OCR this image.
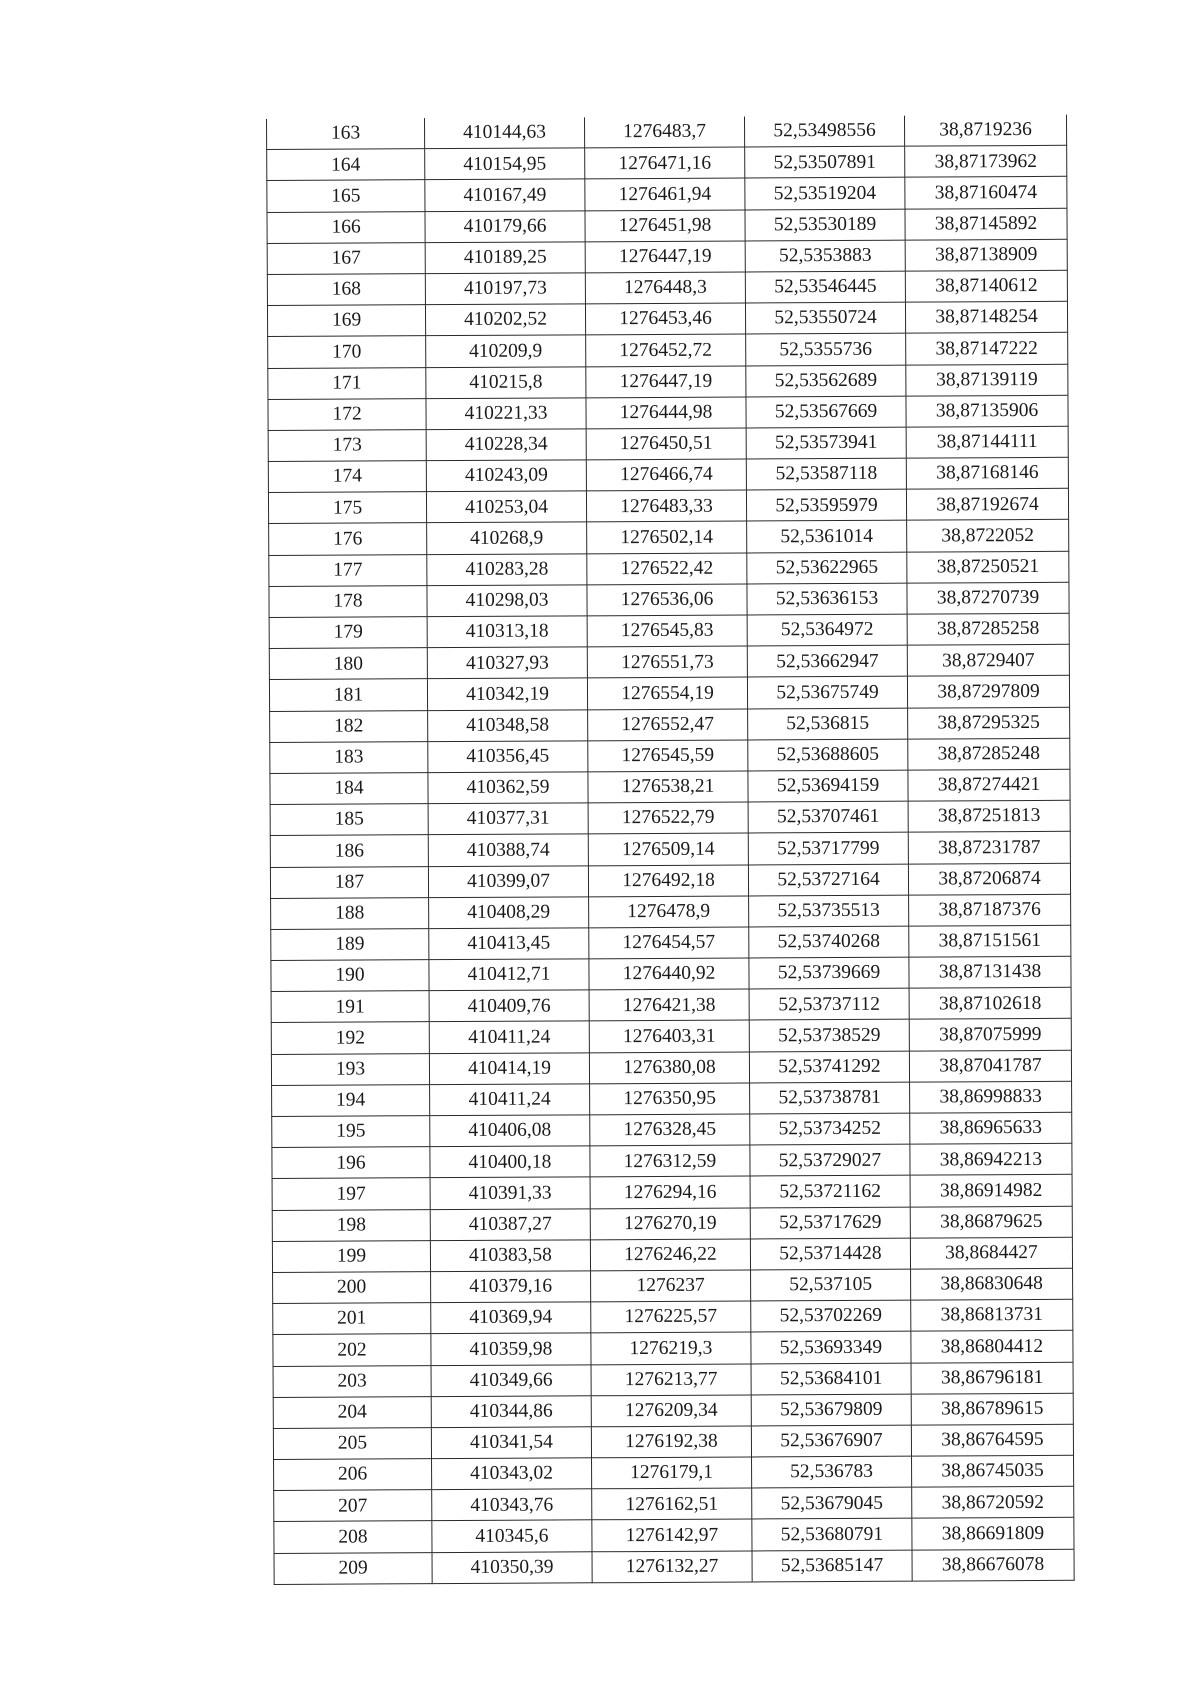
163	410144,63	1276483,7	52,53498556	38,8719236
164	410154,95	1276471,16	52,53507891	38,87173962
165	410167,49	1276461,94	52,53519204	38,87160474
166	410179,66	1276451,98	52,53530189	38,87145892
167	410189,25	1276447,19	52,5353883	38,87138909
168	410197,73	1276448,3	52,53546445	38,87140612
169	410202,52	1276453,46	52,53550724	38,87148254
170	410209,9	1276452,72	52,5355736	38,87147222
171	410215,8	1276447,19	52,53562689	38,87139119
172	410221,33	1276444,98	52,53567669	38,87135906
173	410228,34	1276450,51	52,53573941	38,87144111
174	410243,09	1276466,74	52,53587118	38,87168146
175	410253,04	1276483,33	52,53595979	38,87192674
176	410268,9	1276502,14	52,5361014	38,8722052
177	410283,28	1276522,42	52,53622965	38,87250521
178	410298,03	1276536,06	52,53636153	38,87270739
179	410313,18	1276545,83	52,5364972	38,87285258
180	410327,93	1276551,73	52,53662947	38,8729407
181	410342,19	1276554,19	52,53675749	38,87297809
182	410348,58	1276552,47	52,536815	38,87295325
183	410356,45	1276545,59	52,53688605	38,87285248
184	410362,59	1276538,21	52,53694159	38,87274421
185	410377,31	1276522,79	52,53707461	38,87251813
186	410388,74	1276509,14	52,53717799	38,87231787
187	410399,07	1276492,18	52,53727164	38,87206874
188	410408,29	1276478,9	52,53735513	38,87187376
189	410413,45	1276454,57	52,53740268	38,87151561
190	410412,71	1276440,92	52,53739669	38,87131438
191	410409,76	1276421,38	52,53737112	38,87102618
192	410411,24	1276403,31	52,53738529	38,87075999
193	410414,19	1276380,08	52,53741292	38,87041787
194	410411,24	1276350,95	52,53738781	38,86998833
195	410406,08	1276328,45	52,53734252	38,86965633
196	410400,18	1276312,59	52,53729027	38,86942213
197	410391,33	1276294,16	52,53721162	38,86914982
198	410387,27	1276270,19	52,53717629	38,86879625
199	410383,58	1276246,22	52,53714428	38,8684427
200	410379,16	1276237	52,537105	38,86830648
201	410369,94	1276225,57	52,53702269	38,86813731
202	410359,98	1276219,3	52,53693349	38,86804412
203	410349,66	1276213,77	52,53684101	38,86796181
204	410344,86	1276209,34	52,53679809	38,86789615
205	410341,54	1276192,38	52,53676907	38,86764595
206	410343,02	1276179,1	52,536783	38,86745035
207	410343,76	1276162,51	52,53679045	38,86720592
208	410345,6	1276142,97	52,53680791	38,86691809
209	410350,39	1276132,27	52,53685147	38,86676078
